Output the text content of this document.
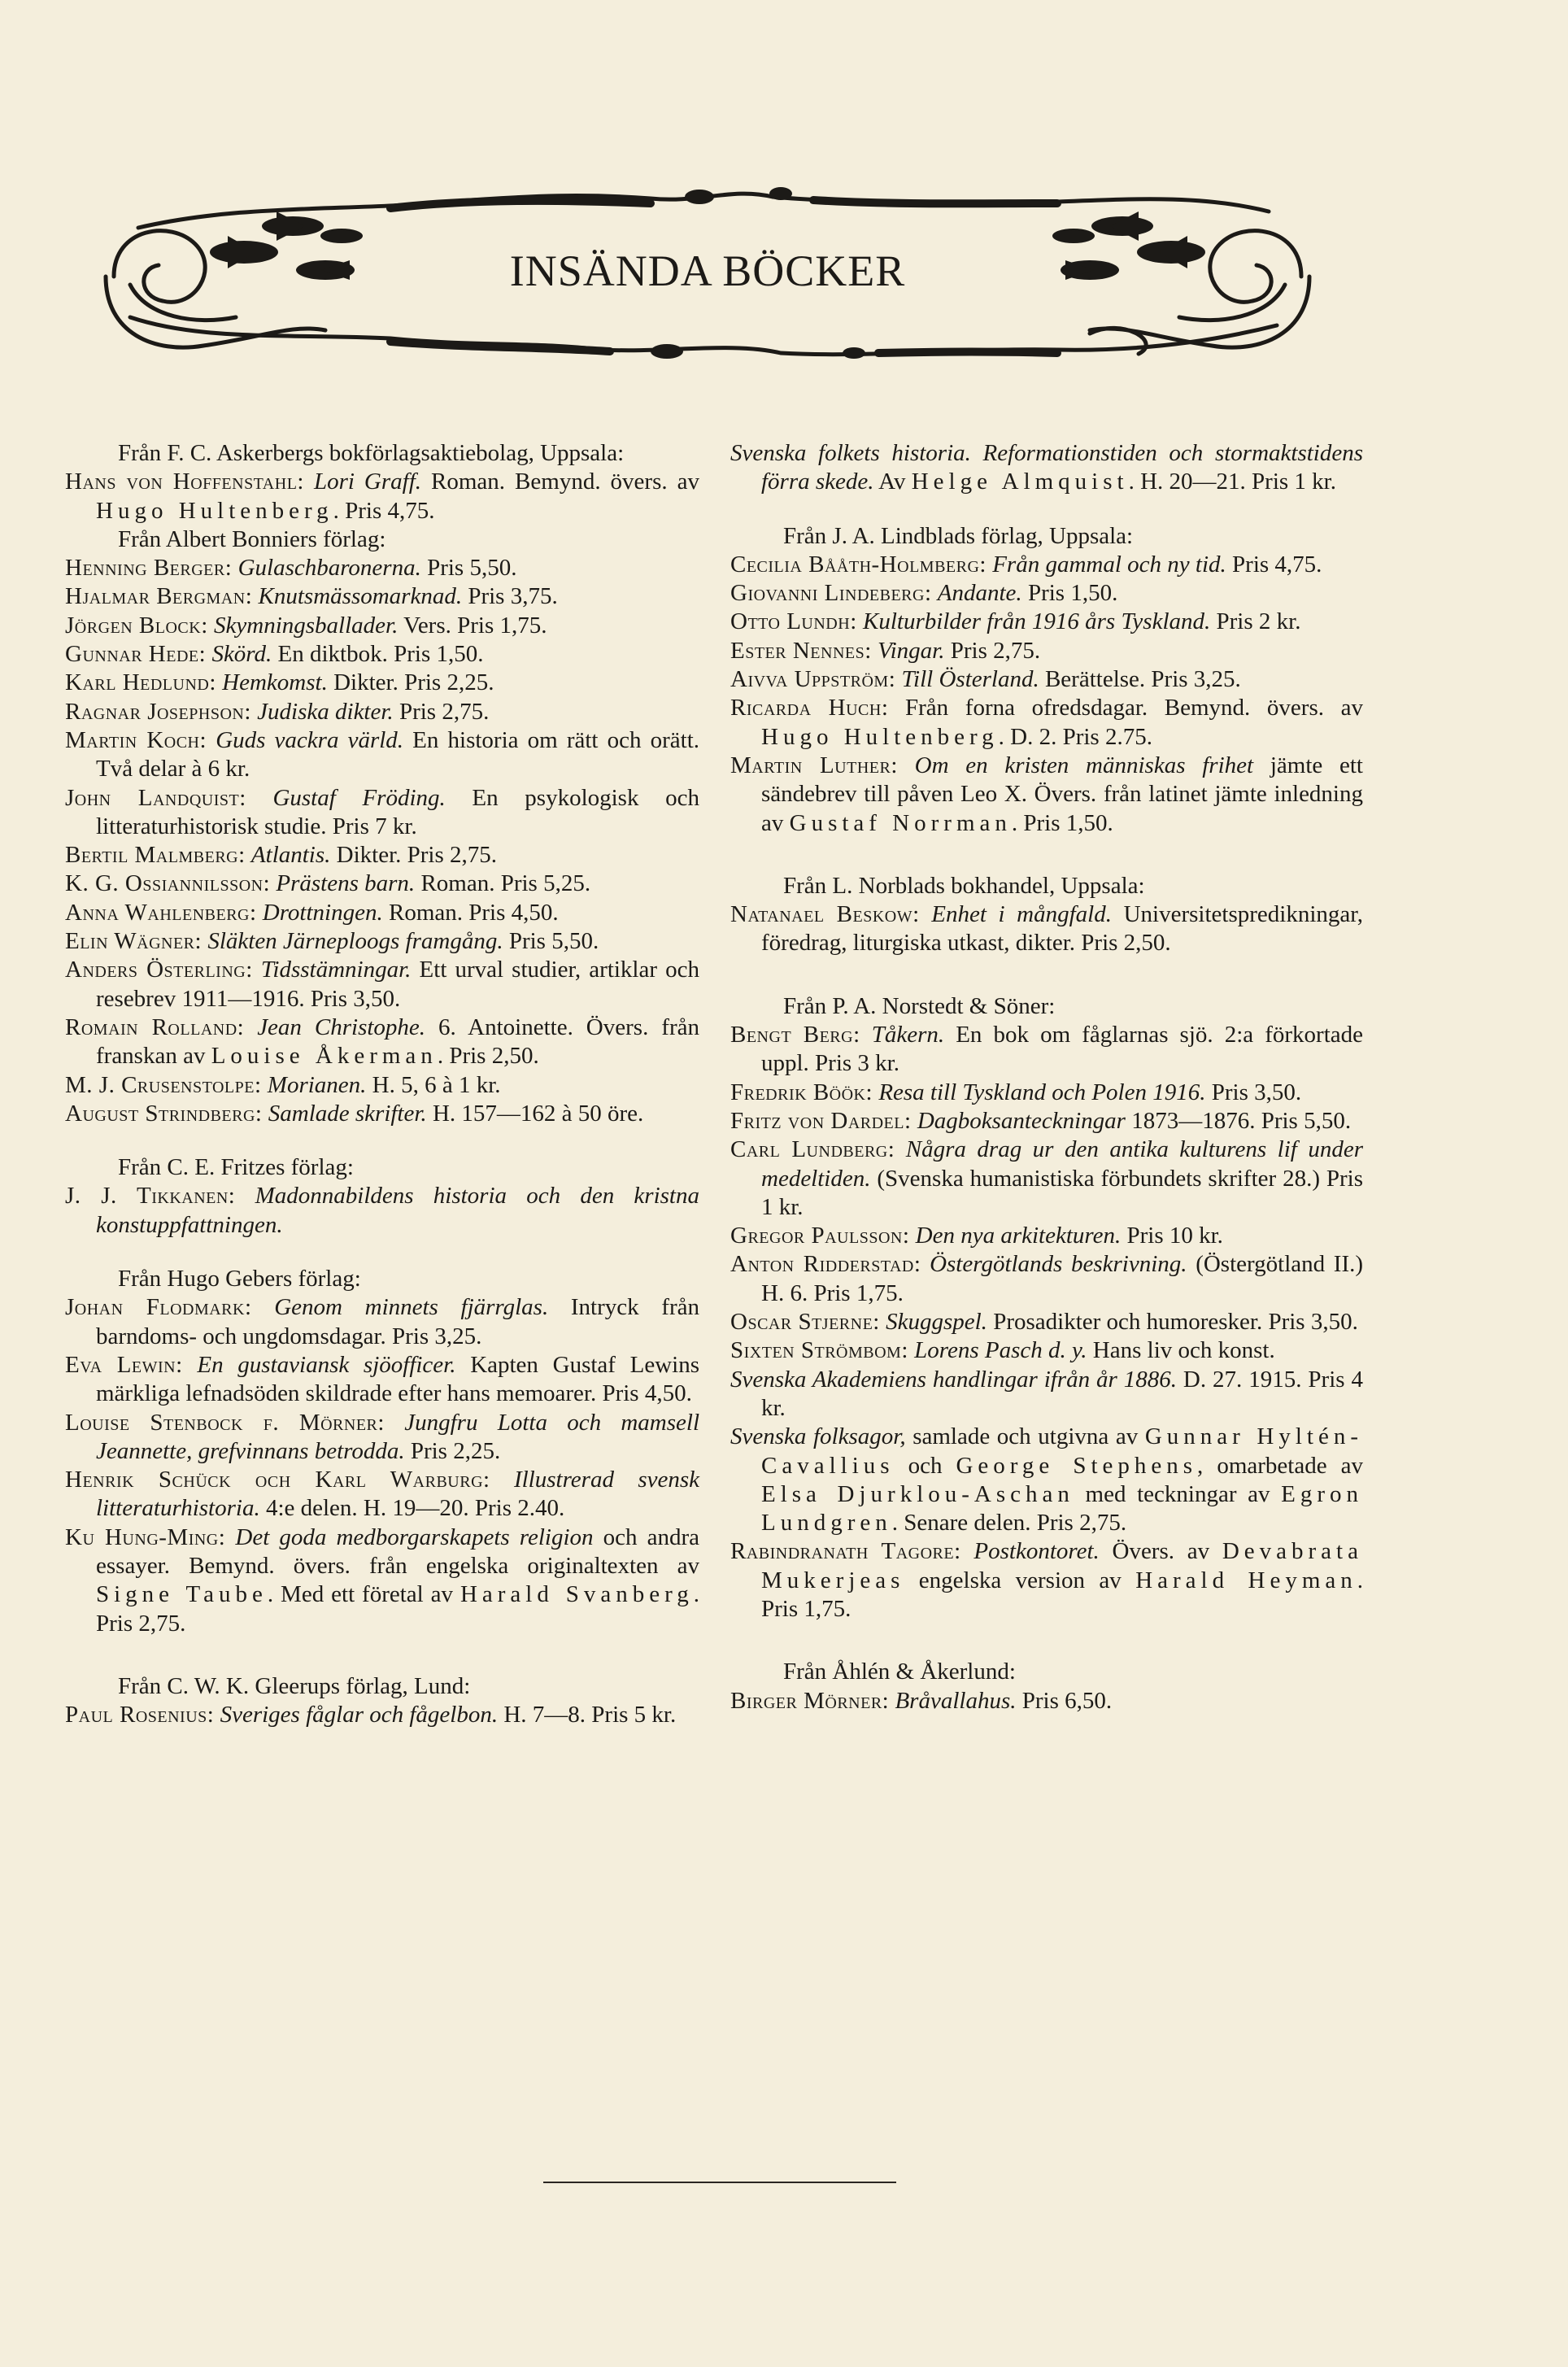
INSÄNDA BÖCKER

Från F. C. Askerbergs bokförlagsaktiebolag, Uppsala:

Hans von Hoffenstahl: Lori Graff. Roman. Bemynd. övers. av Hugo Hultenberg. Pris 4,75.

Från Albert Bonniers förlag:

Henning Berger: Gulaschbaronerna. Pris 5,50.

Hjalmar Bergman: Knutsmässomarknad. Pris 3,75.

Jörgen Block: Skymningsballader. Vers. Pris 1,75.

Gunnar Hede: Skörd. En diktbok. Pris 1,50.

Karl Hedlund: Hemkomst. Dikter. Pris 2,25.

Ragnar Josephson: Judiska dikter. Pris 2,75.

Martin Koch: Guds vackra värld. En historia om rätt och orätt. Två delar à 6 kr.

John Landquist: Gustaf Fröding. En psykologisk och litteraturhistorisk studie. Pris 7 kr.

Bertil Malmberg: Atlantis. Dikter. Pris 2,75.

K. G. Ossiannilsson: Prästens barn. Roman. Pris 5,25.

Anna Wahlenberg: Drottningen. Roman. Pris 4,50.

Elin Wägner: Släkten Järneploogs framgång. Pris 5,50.

Anders Österling: Tidsstämningar. Ett urval studier, artiklar och resebrev 1911—1916. Pris 3,50.

Romain Rolland: Jean Christophe. 6. Antoinette. Övers. från franskan av Louise Åkerman. Pris 2,50.

M. J. Crusenstolpe: Morianen. H. 5, 6 à 1 kr.

August Strindberg: Samlade skrifter. H. 157—162 à 50 öre.

Från C. E. Fritzes förlag:

J. J. Tikkanen: Madonnabildens historia och den kristna konstuppfattningen.

Från Hugo Gebers förlag:

Johan Flodmark: Genom minnets fjärrglas. Intryck från barndoms- och ungdomsdagar. Pris 3,25.

Eva Lewin: En gustaviansk sjöofficer. Kapten Gustaf Lewins märkliga lefnadsöden skildrade efter hans memoarer. Pris 4,50.

Louise Stenbock f. Mörner: Jungfru Lotta och mamsell Jeannette, grefvinnans betrodda. Pris 2,25.

Henrik Schück och Karl Warburg: Illustrerad svensk litteraturhistoria. 4:e delen. H. 19—20. Pris 2.40.

Ku Hung-Ming: Det goda medborgarskapets religion och andra essayer. Bemynd. övers. från engelska originaltexten av Signe Taube. Med ett företal av Harald Svanberg. Pris 2,75.

Från C. W. K. Gleerups förlag, Lund:

Paul Rosenius: Sveriges fåglar och fågelbon. H. 7—8. Pris 5 kr.

Svenska folkets historia. Reformationstiden och stormaktstidens förra skede. Av Helge Almquist. H. 20—21. Pris 1 kr.

Från J. A. Lindblads förlag, Uppsala:

Cecilia Bååth-Holmberg: Från gammal och ny tid. Pris 4,75.

Giovanni Lindeberg: Andante. Pris 1,50.

Otto Lundh: Kulturbilder från 1916 års Tyskland. Pris 2 kr.

Ester Nennes: Vingar. Pris 2,75.

Aivva Uppström: Till Österland. Berättelse. Pris 3,25.

Ricarda Huch: Från forna ofredsdagar. Bemynd. övers. av Hugo Hultenberg. D. 2. Pris 2.75.

Martin Luther: Om en kristen människas frihet jämte ett sändebrev till påven Leo X. Övers. från latinet jämte inledning av Gustaf Norrman. Pris 1,50.

Från L. Norblads bokhandel, Uppsala:

Natanael Beskow: Enhet i mångfald. Universitetspredikningar, föredrag, liturgiska utkast, dikter. Pris 2,50.

Från P. A. Norstedt & Söner:

Bengt Berg: Tåkern. En bok om fåglarnas sjö. 2:a förkortade uppl. Pris 3 kr.

Fredrik Böök: Resa till Tyskland och Polen 1916. Pris 3,50.

Fritz von Dardel: Dagboksanteckningar 1873—1876. Pris 5,50.

Carl Lundberg: Några drag ur den antika kulturens lif under medeltiden. (Svenska humanistiska förbundets skrifter 28.) Pris 1 kr.

Gregor Paulsson: Den nya arkitekturen. Pris 10 kr.

Anton Ridderstad: Östergötlands beskrivning. (Östergötland II.) H. 6. Pris 1,75.

Oscar Stjerne: Skuggspel. Prosadikter och humoresker. Pris 3,50.

Sixten Strömbom: Lorens Pasch d. y. Hans liv och konst.

Svenska Akademiens handlingar ifrån år 1886. D. 27. 1915. Pris 4 kr.

Svenska folksagor, samlade och utgivna av Gunnar Hyltén-Cavallius och George Stephens, omarbetade av Elsa Djurklou-Aschan med teckningar av Egron Lundgren. Senare delen. Pris 2,75.

Rabindranath Tagore: Postkontoret. Övers. av Devabrata Mukerjeas engelska version av Harald Heyman. Pris 1,75.

Från Åhlén & Åkerlund:

Birger Mörner: Bråvallahus. Pris 6,50.
